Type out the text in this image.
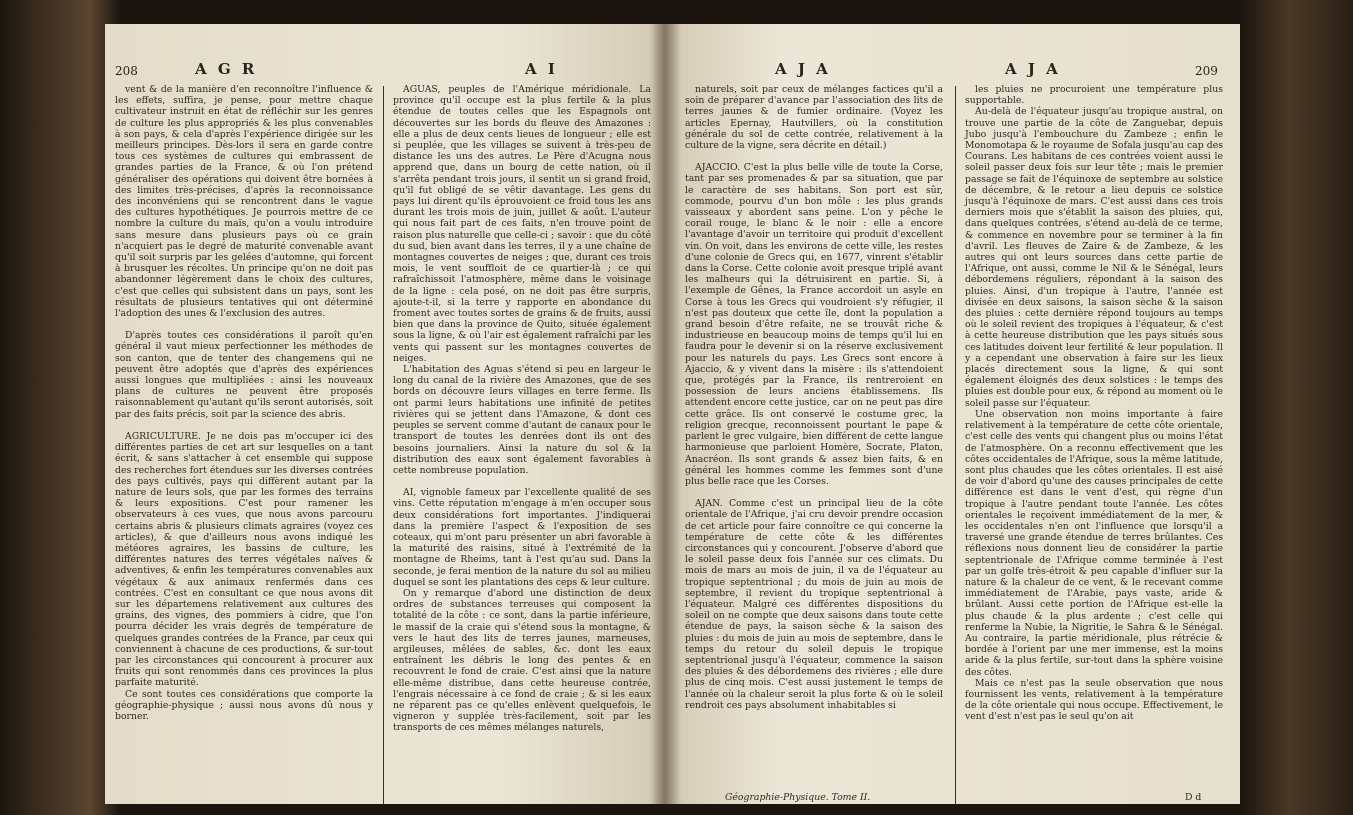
208	A G R	A I

vent & de la manière d'en reconnoître l'influence & les effets, suffira, je pense, pour mettre chaque cultivateur instruit en état de réfléchir sur les genres de culture les plus appropriés & les plus convenables à son pays, & cela d'après l'expérience dirigée sur les meilleurs principes. Dès-lors il sera en garde contre tous ces systèmes de cultures qui embrassent de grandes parties de la France, & où l'on prétend généraliser des opérations qui doivent être bornées à des limites très-précises, d'après la reconnoissance des inconvéniens qui se rencontrent dans le vague des cultures hypothétiques. Je pourrois mettre de ce nombre la culture du maïs, qu'on a voulu introduire sans mesure dans plusieurs pays où ce grain n'acquiert pas le degré de maturité convenable avant qu'il soit surpris par les gelées d'automne, qui forcent à brusquer les récoltes. Un principe qu'on ne doit pas abandonner légèrement dans le choix des cultures, c'est que celles qui subsistent dans un pays, sont les résultats de plusieurs tentatives qui ont déterminé l'adoption des unes & l'exclusion des autres.

D'après toutes ces considérations il paroît qu'en général il vaut mieux perfectionner les méthodes de son canton, que de tenter des changemens qui ne peuvent être adoptés que d'après des expériences aussi longues que multipliées : ainsi les nouveaux plans de cultures ne peuvent être proposés raisonnablement qu'autant qu'ils seront autorisés, soit par des faits précis, soit par la science des abris.

AGRICULTURE. Je ne dois pas m'occuper ici des différentes parties de cet art sur lesquelles on a tant écrit, & sans s'attacher à cet ensemble qui suppose des recherches fort étendues sur les diverses contrées des pays cultivés, pays qui diffèrent autant par la nature de leurs sols, que par les formes des terrains & leurs expositions. C'est pour ramener les observateurs à ces vues, que nous avons parcouru certains abris & plusieurs climats agraires (voyez ces articles), & que d'ailleurs nous avons indiqué les météores agraires, les bassins de culture, les différentes natures des terres végétales naïves & adventives, & enfin les températures convenables aux végétaux & aux animaux renfermés dans ces contrées. C'est en consultant ce que nous avons dit sur les départemens relativement aux cultures des grains, des vignes, des pommiers à cidre, que l'on pourra décider les vrais degrés de température de quelques grandes contrées de la France, par ceux qui conviennent à chacune de ces productions, & sur-tout par les circonstances qui concourent à procurer aux fruits qui sont renommés dans ces provinces la plus parfaite maturité.

Ce sont toutes ces considérations que comporte la géographie-physique ; aussi nous avons dû nous y borner.

AGUAS, peuples de l'Amérique méridionale. La province qu'il occupe est la plus fertile & la plus étendue de toutes celles que les Espagnols ont découvertes sur les bords du fleuve des Amazones : elle a plus de deux cents lieues de longueur ; elle est si peuplée, que les villages se suivent à très-peu de distance les uns des autres. Le Père d'Acugna nous apprend que, dans un bourg de cette nation, où il s'arrêta pendant trois jours, il sentit un si grand froid, qu'il fut obligé de se vêtir davantage. Les gens du pays lui dirent qu'ils éprouvoient ce froid tous les ans durant les trois mois de juin, juillet & août. L'auteur qui nous fait part de ces faits, n'en trouve point de raison plus naturelle que celle-ci ; savoir : que du côté du sud, bien avant dans les terres, il y a une chaîne de montagnes couvertes de neiges ; que, durant ces trois mois, le vent souffloit de ce quartier-là ; ce qui rafraîchissoit l'atmosphère, même dans le voisinage de la ligne : cela posé, on ne doit pas être surpris, ajoute-t-il, si la terre y rapporte en abondance du froment avec toutes sortes de grains & de fruits, aussi bien que dans la province de Quito, située également sous la ligne, & où l'air est également rafraîchi par les vents qui passent sur les montagnes couvertes de neiges.

L'habitation des Aguas s'étend si peu en largeur le long du canal de la rivière des Amazones, que de ses bords on découvre leurs villages en terre ferme. Ils ont parmi leurs habitations une infinité de petites rivières qui se jettent dans l'Amazone, & dont ces peuples se servent comme d'autant de canaux pour le transport de toutes les denrées dont ils ont des besoins journaliers. Ainsi la nature du sol & la distribution des eaux sont également favorables à cette nombreuse population.

AI, vignoble fameux par l'excellente qualité de ses vins. Cette réputation m'engage à m'en occuper sous deux considérations fort importantes. J'indiquerai dans la première l'aspect & l'exposition de ses coteaux, qui m'ont paru présenter un abri favorable à la maturité des raisins, situé à l'extrémité de la montagne de Rheims, tant à l'est qu'au sud. Dans la seconde, je ferai mention de la nature du sol au milieu duquel se sont les plantations des ceps & leur culture.

On y remarque d'abord une distinction de deux ordres de substances terreuses qui composent la totalité de la côte : ce sont, dans la partie inférieure, le massif de la craie qui s'étend sous la montagne, & vers le haut des lits de terres jaunes, marneuses, argileuses, mêlées de sables, &c. dont les eaux entraînent les débris le long des pentes & en recouvrent le fond de craie. C'est ainsi que la nature elle-même distribue, dans cette heureuse contrée, l'engrais nécessaire à ce fond de craie ; & si les eaux ne réparent pas ce qu'elles enlèvent quelquefois, le vigneron y supplée très-facilement, soit par les transports de ces mêmes mélanges naturels,

A J A	A J A	209

naturels, soit par ceux de mélanges factices qu'il a soin de préparer d'avance par l'association des lits de terres jaunes & de fumier ordinaire. (Voyez les articles Epernay, Hautvillers, où la constitution générale du sol de cette contrée, relativement à la culture de la vigne, sera décrite en détail.)

AJACCIO. C'est la plus belle ville de toute la Corse, tant par ses promenades & par sa situation, que par le caractère de ses habitans. Son port est sûr, commode, pourvu d'un bon môle : les plus grands vaisseaux y abordent sans peine. L'on y pêche le corail rouge, le blanc & le noir : elle a encore l'avantage d'avoir un territoire qui produit d'excellent vin. On voit, dans les environs de cette ville, les restes d'une colonie de Grecs qui, en 1677, vinrent s'établir dans la Corse. Cette colonie avoit presque triplé avant les malheurs qui la détruisirent en partie. Si, à l'exemple de Gênes, la France accordoit un asyle en Corse à tous les Grecs qui voudroient s'y réfugier, il n'est pas douteux que cette île, dont la population a grand besoin d'être refaite, ne se trouvât riche & industrieuse en beaucoup moins de temps qu'il lui en faudra pour le devenir si on la réserve exclusivement pour les naturels du pays. Les Grecs sont encore à Ajaccio, & y vivent dans la misère : ils s'attendoient que, protégés par la France, ils rentreroient en possession de leurs anciens établissemens. Ils attendent encore cette justice, car on ne peut pas dire cette grâce. Ils ont conservé le costume grec, la religion grecque, reconnoissent pourtant le pape & parlent le grec vulgaire, bien différent de cette langue harmonieuse que parloient Homère, Socrate, Platon, Anacréon. Ils sont grands & assez bien faits, & en général les hommes comme les femmes sont d'une plus belle race que les Corses.

AJAN. Comme c'est un principal lieu de la côte orientale de l'Afrique, j'ai cru devoir prendre occasion de cet article pour faire connoître ce qui concerne la température de cette côte & les différentes circonstances qui y concourent. J'observe d'abord que le soleil passe deux fois l'année sur ces climats. Du mois de mars au mois de juin, il va de l'équateur au tropique septentrional ; du mois de juin au mois de septembre, il revient du tropique septentrional à l'équateur. Malgré ces différentes dispositions du soleil on ne compte que deux saisons dans toute cette étendue de pays, la saison sèche & la saison des pluies : du mois de juin au mois de septembre, dans le temps du retour du soleil depuis le tropique septentrional jusqu'à l'équateur, commence la saison des pluies & des débordemens des rivières ; elle dure plus de cinq mois. C'est aussi justement le temps de l'année où la chaleur seroit la plus forte & où le soleil rendroit ces pays absolument inhabitables si

les pluies ne procuroient une température plus supportable.

Au-delà de l'équateur jusqu'au tropique austral, on trouve une partie de la côte de Zanguebar, depuis Jubo jusqu'à l'embouchure du Zambeze ; enfin le Monomotapa & le royaume de Sofala jusqu'au cap des Courans. Les habitans de ces contrées voient aussi le soleil passer deux fois sur leur tête ; mais le premier passage se fait de l'équinoxe de septembre au solstice de décembre, & le retour a lieu depuis ce solstice jusqu'à l'équinoxe de mars. C'est aussi dans ces trois derniers mois que s'établit la saison des pluies, qui, dans quelques contrées, s'étend au-delà de ce terme, & commence en novembre pour se terminer à la fin d'avril. Les fleuves de Zaire & de Zambeze, & les autres qui ont leurs sources dans cette partie de l'Afrique, ont aussi, comme le Nil & le Sénégal, leurs débordemens réguliers, répondant à la saison des pluies. Ainsi, d'un tropique à l'autre, l'année est divisée en deux saisons, la saison sèche & la saison des pluies : cette dernière répond toujours au temps où le soleil revient des tropiques à l'équateur, & c'est à cette heureuse distribution que les pays situés sous ces latitudes doivent leur fertilité & leur population. Il y a cependant une observation à faire sur les lieux placés directement sous la ligne, & qui sont également éloignés des deux solstices : le temps des pluies est double pour eux, & répond au moment où le soleil passe sur l'équateur.

Une observation non moins importante à faire relativement à la température de cette côte orientale, c'est celle des vents qui changent plus ou moins l'état de l'atmosphère. On a reconnu effectivement que les côtes occidentales de l'Afrique, sous la même latitude, sont plus chaudes que les côtes orientales. Il est aisé de voir d'abord qu'une des causes principales de cette différence est dans le vent d'est, qui règne d'un tropique à l'autre pendant toute l'année. Les côtes orientales le reçoivent immédiatement de la mer, & les occidentales n'en ont l'influence que lorsqu'il a traversé une grande étendue de terres brûlantes. Ces réflexions nous donnent lieu de considérer la partie septentrionale de l'Afrique comme terminée à l'est par un golfe très-étroit & peu capable d'influer sur la nature & la chaleur de ce vent, & le recevant comme immédiatement de l'Arabie, pays vaste, aride & brûlant. Aussi cette portion de l'Afrique est-elle la plus chaude & la plus ardente ; c'est celle qui renferme la Nubie, la Nigritie, le Sahra & le Sénégal. Au contraire, la partie méridionale, plus rétrécie & bordée à l'orient par une mer immense, est la moins aride & la plus fertile, sur-tout dans la sphère voisine des côtes.

Mais ce n'est pas la seule observation que nous fournissent les vents, relativement à la température de la côte orientale qui nous occupe. Effectivement, le vent d'est n'est pas le seul qu'on ait

Géographie-Physique. Tome II.	D d
